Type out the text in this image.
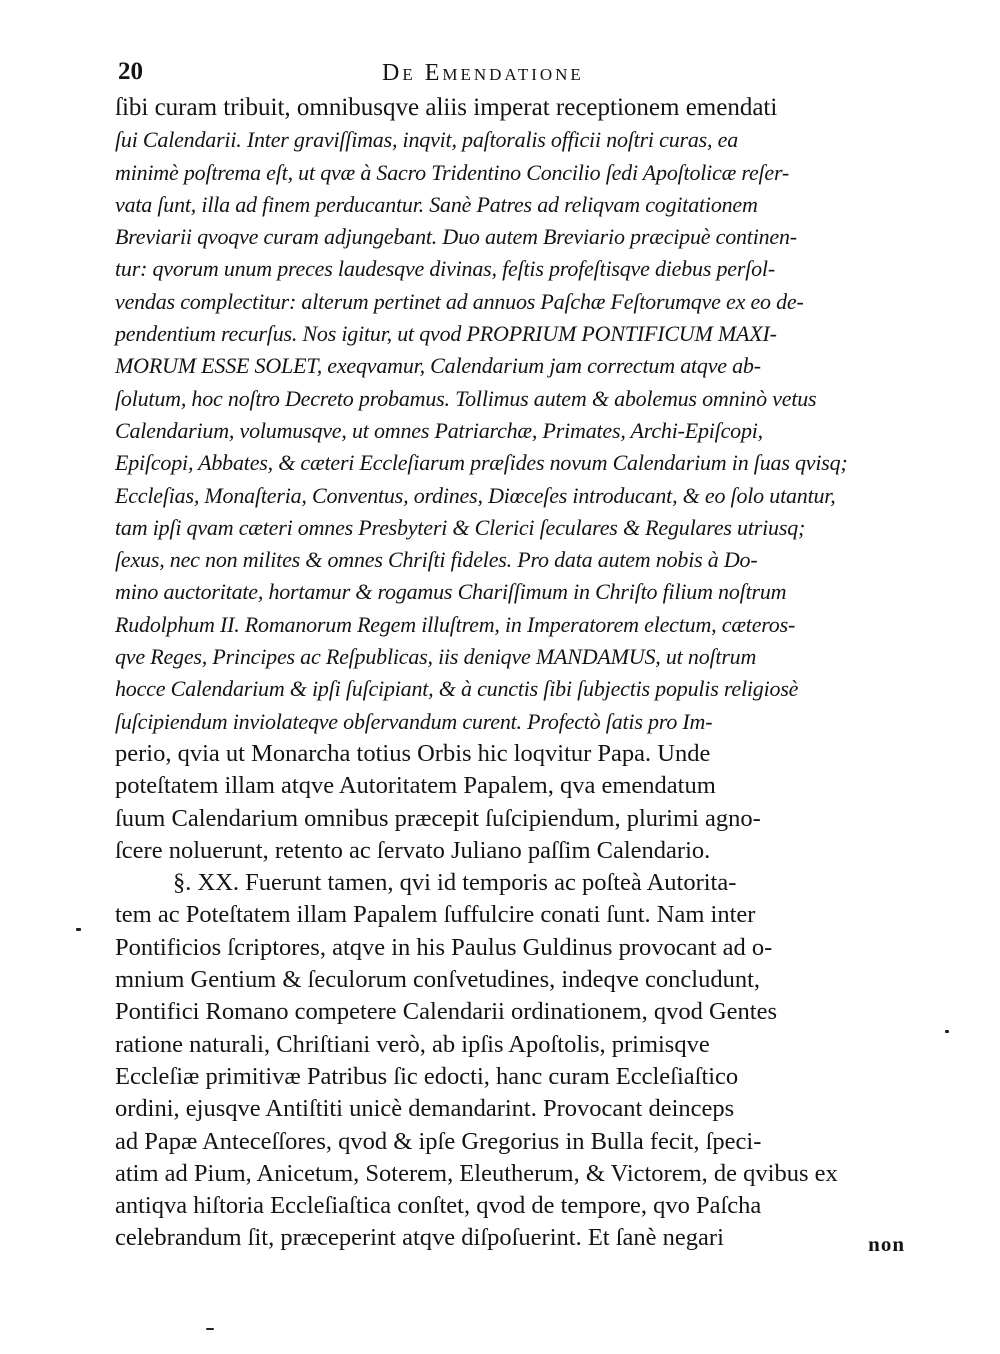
20	De Emendatione
ſibi curam tribuit, omnibusqve aliis imperat receptionem emendati
ſui Calendarii. Inter graviſſimas, inqvit, paſtoralis officii noſtri curas, ea
minimè poſtrema eſt, ut qvæ à Sacro Tridentino Concilio ſedi Apoſtolicæ reſer-
vata ſunt, illa ad finem perducantur. Sanè Patres ad reliqvam cogitationem
Breviarii qvoqve curam adjungebant. Duo autem Breviario præcipuè continen-
tur: qvorum unum preces laudesqve divinas, feſtis profeſtisqve diebus perſol-
vendas complectitur: alterum pertinet ad annuos Paſchæ Feſtorumqve ex eo de-
pendentium recurſus. Nos igitur, ut qvod PROPRIUM PONTIFICUM MAXI-
MORUM ESSE SOLET, exeqvamur, Calendarium jam correctum atqve ab-
ſolutum, hoc noſtro Decreto probamus. Tollimus autem & abolemus omninò vetus
Calendarium, volumusqve, ut omnes Patriarchæ, Primates, Archi-Epiſcopi,
Epiſcopi, Abbates, & cæteri Eccleſiarum præſides novum Calendarium in ſuas qvisq;
Eccleſias, Monaſteria, Conventus, ordines, Diœceſes introducant, & eo ſolo utantur,
tam ipſi qvam cæteri omnes Presbyteri & Clerici ſeculares & Regulares utriusq;
ſexus, nec non milites & omnes Chriſti fideles. Pro data autem nobis à Do-
mino auctoritate, hortamur & rogamus Chariſſimum in Chriſto filium noſtrum
Rudolphum II. Romanorum Regem illuſtrem, in Imperatorem electum, cæteros-
qve Reges, Principes ac Reſpublicas, iis deniqve MANDAMUS, ut noſtrum
hocce Calendarium & ipſi ſuſcipiant, & à cunctis ſibi ſubjectis populis religiosè
ſuſcipiendum inviolateqve obſervandum curent. Profectò ſatis pro Im-
perio, qvia ut Monarcha totius Orbis hic loqvitur Papa. Unde
poteſtatem illam atqve Autoritatem Papalem, qva emendatum
ſuum Calendarium omnibus præcepit ſuſcipiendum, plurimi agno-
ſcere noluerunt, retento ac ſervato Juliano paſſim Calendario.
§. XX. Fuerunt tamen, qvi id temporis ac poſteà Autorita-
tem ac Poteſtatem illam Papalem ſuffulcire conati ſunt. Nam inter
Pontificios ſcriptores, atqve in his Paulus Guldinus provocant ad o-
mnium Gentium & ſeculorum conſvetudines, indeqve concludunt,
Pontifici Romano competere Calendarii ordinationem, qvod Gentes
ratione naturali, Chriſtiani verò, ab ipſis Apoſtolis, primisqve
Eccleſiæ primitivæ Patribus ſic edocti, hanc curam Eccleſiaſtico
ordini, ejusqve Antiſtiti unicè demandarint. Provocant deinceps
ad Papæ Anteceſſores, qvod & ipſe Gregorius in Bulla fecit, ſpeci-
atim ad Pium, Anicetum, Soterem, Eleutherum, & Victorem, de qvibus ex
antiqva hiſtoria Eccleſiaſtica conſtet, qvod de tempore, qvo Paſcha
celebrandum ſit, præceperint atqve diſpoſuerint. Et ſanè negari	non
